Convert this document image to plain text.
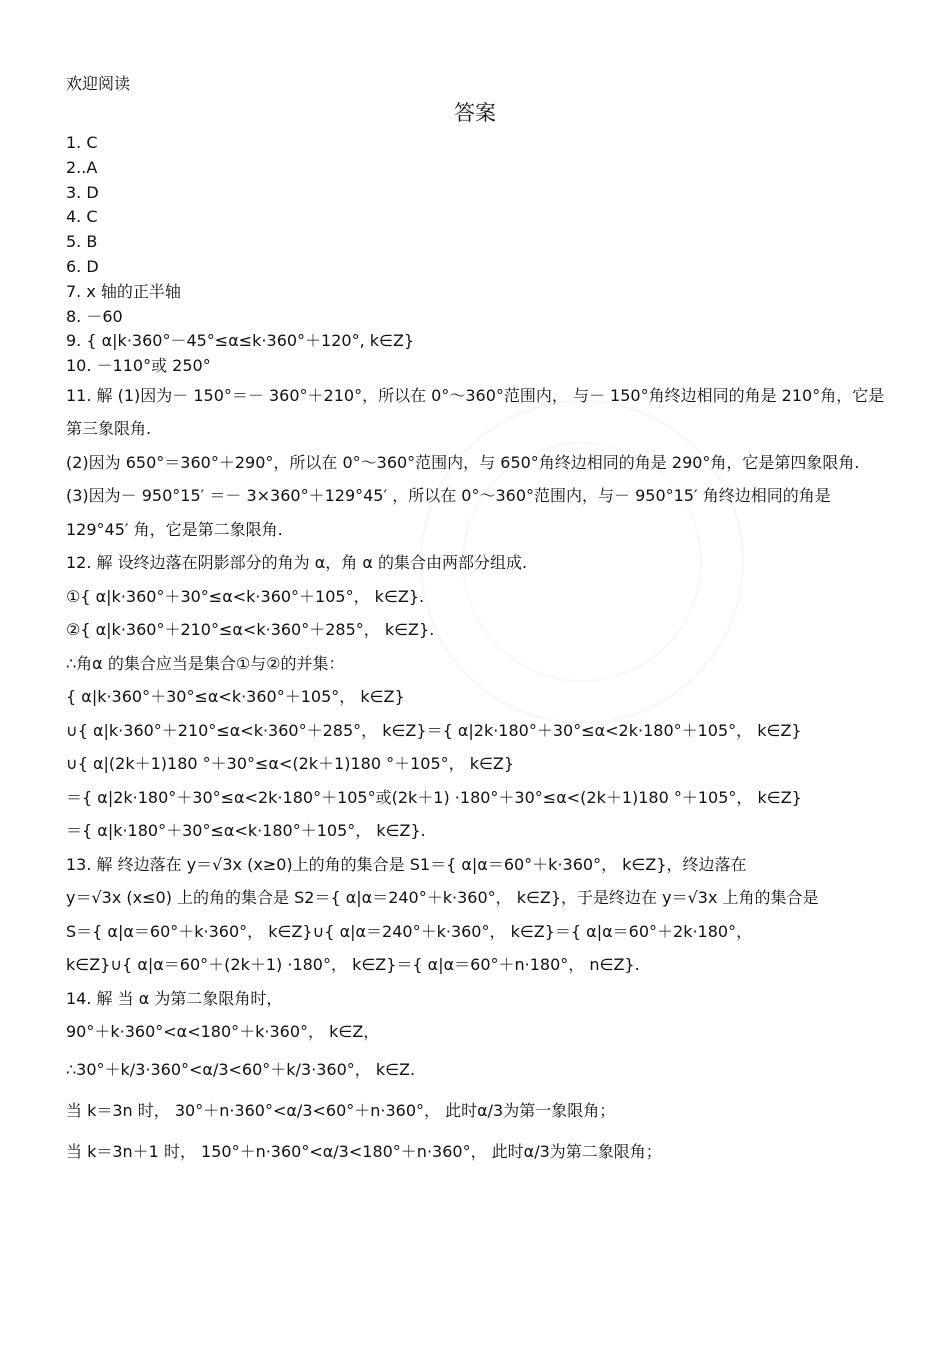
欢迎阅读
答案
1. C
2..A
3. D
4. C
5. B
6. D
7. x 轴的正半轴
8. －60
9. { α|k·360°－45°≤α≤k·360°＋120°, k∈Z}
10. －110°或 250°
11. 解 (1)因为－ 150°＝－ 360°＋210°，所以在 0°～360°范围内， 与－ 150°角终边相同的角是 210°角，它是第三象限角.
(2)因为 650°＝360°＋290°，所以在 0°～360°范围内，与 650°角终边相同的角是 290°角，它是第四象限角.
(3)因为－ 950°15′ ＝－ 3×360°＋129°45′ ，所以在 0°～360°范围内，与－ 950°15′ 角终边相同的角是 129°45′ 角，它是第二象限角.
12. 解 设终边落在阴影部分的角为 α，角 α 的集合由两部分组成.
①{ α|k·360°＋30°≤α<k·360°＋105°， k∈Z}.
②{ α|k·360°＋210°≤α<k·360°＋285°， k∈Z}.
∴角α 的集合应当是集合①与②的并集：
{ α|k·360°＋30°≤α<k·360°＋105°， k∈Z}
∪{ α|k·360°＋210°≤α<k·360°＋285°， k∈Z}＝{ α|2k·180°＋30°≤α<2k·180°＋105°， k∈Z}
∪{ α|(2k＋1)180 °＋30°≤α<(2k＋1)180 °＋105°， k∈Z}
＝{ α|2k·180°＋30°≤α<2k·180°＋105°或(2k＋1) ·180°＋30°≤α<(2k＋1)180 °＋105°， k∈Z}
＝{ α|k·180°＋30°≤α<k·180°＋105°， k∈Z}.
13. 解 终边落在 y＝√3x (x≥0)上的角的集合是 S1＝{ α|α＝60°＋k·360°， k∈Z}，终边落在
y＝√3x (x≤0) 上的角的集合是 S2＝{ α|α＝240°＋k·360°， k∈Z}，于是终边在 y＝√3x 上角的集合是
S＝{ α|α＝60°＋k·360°， k∈Z}∪{ α|α＝240°＋k·360°， k∈Z}＝{ α|α＝60°＋2k·180°，
k∈Z}∪{ α|α＝60°＋(2k＋1) ·180°， k∈Z}＝{ α|α＝60°＋n·180°， n∈Z}.
14. 解 当 α 为第二象限角时，
90°＋k·360°<α<180°＋k·360°， k∈Z，
∴30°＋k/3·360°<α/3<60°＋k/3·360°， k∈Z.
当 k＝3n 时， 30°＋n·360°<α/3<60°＋n·360°， 此时α/3为第一象限角；
当 k＝3n＋1 时， 150°＋n·360°<α/3<180°＋n·360°， 此时α/3为第二象限角；
